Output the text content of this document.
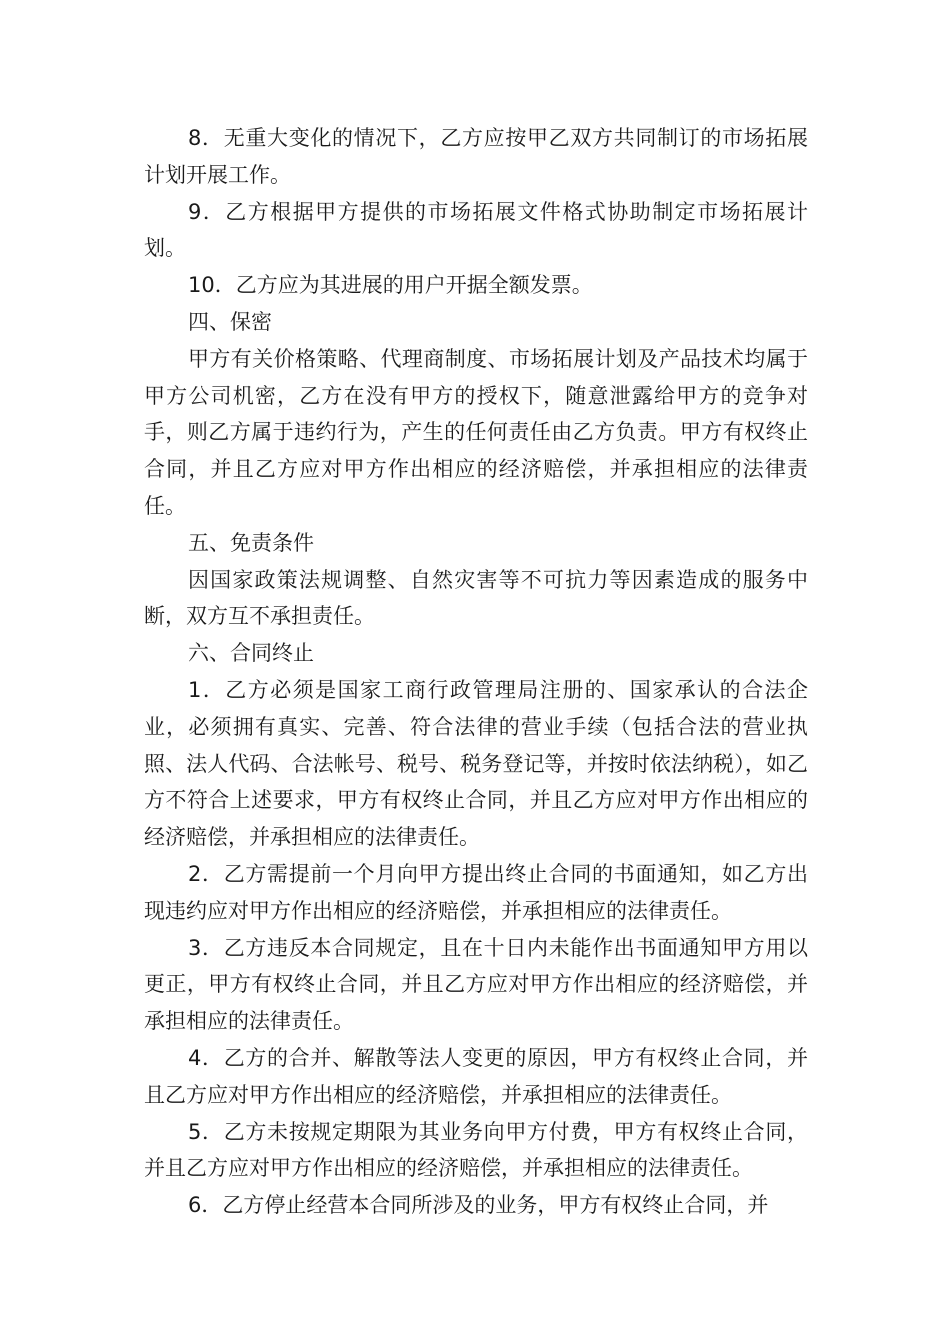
8．无重大变化的情况下，乙方应按甲乙双方共同制订的市场拓展计划开展工作。

9．乙方根据甲方提供的市场拓展文件格式协助制定市场拓展计划。

10．乙方应为其进展的用户开据全额发票。

四、保密

甲方有关价格策略、代理商制度、市场拓展计划及产品技术均属于甲方公司机密，乙方在没有甲方的授权下，随意泄露给甲方的竞争对手，则乙方属于违约行为，产生的任何责任由乙方负责。甲方有权终止合同，并且乙方应对甲方作出相应的经济赔偿，并承担相应的法律责任。

五、免责条件

因国家政策法规调整、自然灾害等不可抗力等因素造成的服务中断，双方互不承担责任。

六、合同终止

1．乙方必须是国家工商行政管理局注册的、国家承认的合法企业，必须拥有真实、完善、符合法律的营业手续（包括合法的营业执照、法人代码、合法帐号、税号、税务登记等，并按时依法纳税），如乙方不符合上述要求，甲方有权终止合同，并且乙方应对甲方作出相应的经济赔偿，并承担相应的法律责任。

2．乙方需提前一个月向甲方提出终止合同的书面通知，如乙方出现违约应对甲方作出相应的经济赔偿，并承担相应的法律责任。

3．乙方违反本合同规定，且在十日内未能作出书面通知甲方用以更正，甲方有权终止合同，并且乙方应对甲方作出相应的经济赔偿，并承担相应的法律责任。

4．乙方的合并、解散等法人变更的原因，甲方有权终止合同，并且乙方应对甲方作出相应的经济赔偿，并承担相应的法律责任。

5．乙方未按规定期限为其业务向甲方付费，甲方有权终止合同，并且乙方应对甲方作出相应的经济赔偿，并承担相应的法律责任。

6．乙方停止经营本合同所涉及的业务，甲方有权终止合同，并
